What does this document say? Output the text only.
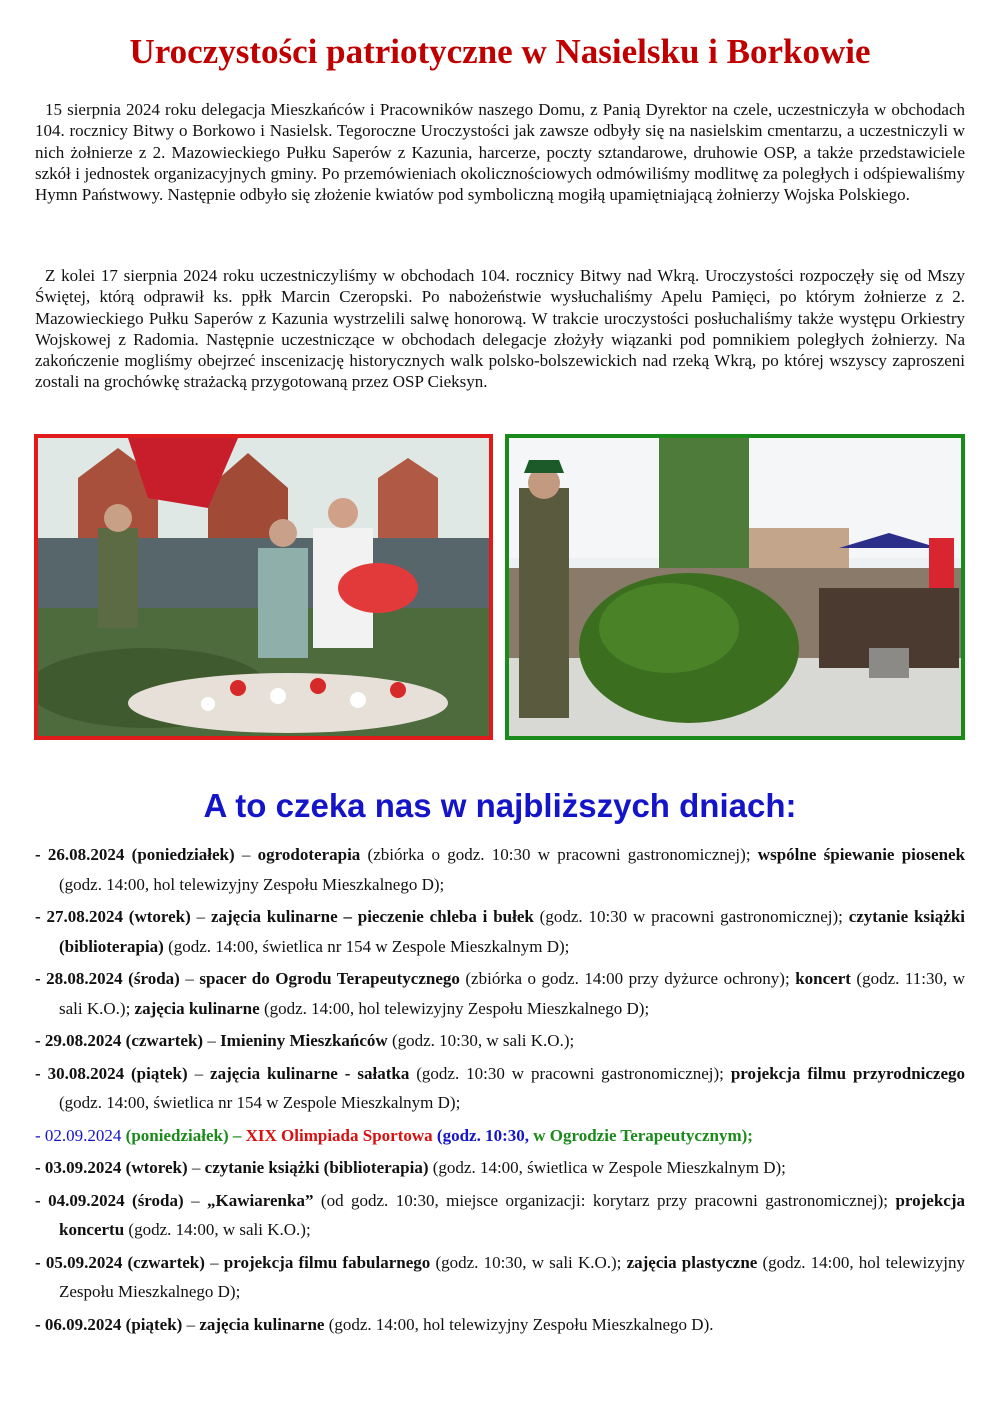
Uroczystości patriotyczne w Nasielsku i Borkowie

15 sierpnia 2024 roku delegacja Mieszkańców i Pracowników naszego Domu, z Panią Dyrektor na czele, uczestniczyła w obchodach 104. rocznicy Bitwy o Borkowo i Nasielsk. Tegoroczne Uroczystości jak zawsze odbyły się na nasielskim cmentarzu, a uczestniczyli w nich żołnierze z 2. Mazowieckiego Pułku Saperów z Kazunia, harcerze, poczty sztandarowe, druhowie OSP, a także przedstawiciele szkół i jednostek organizacyjnych gminy. Po przemówieniach okolicznościowych odmówiliśmy modlitwę za poległych i odśpiewaliśmy Hymn Państwowy. Następnie odbyło się złożenie kwiatów pod symboliczną mogiłą upamiętniającą żołnierzy Wojska Polskiego.

Z kolei 17 sierpnia 2024 roku uczestniczyliśmy w obchodach 104. rocznicy Bitwy nad Wkrą. Uroczystości rozpoczęły się od Mszy Świętej, którą odprawił ks. ppłk Marcin Czeropski. Po nabożeństwie wysłuchaliśmy Apelu Pamięci, po którym żołnierze z 2. Mazowieckiego Pułku Saperów z Kazunia wystrzelili salwę honorową. W trakcie uroczystości posłuchaliśmy także występu Orkiestry Wojskowej z Radomia. Następnie uczestniczące w obchodach delegacje złożyły wiązanki pod pomnikiem poległych żołnierzy. Na zakończenie mogliśmy obejrzeć inscenizację historycznych walk polsko-bolszewickich nad rzeką Wkrą, po której wszyscy zaproszeni zostali na grochówkę strażacką przygotowaną przez OSP Cieksyn.

A to czeka nas w najbliższych dniach:
- 26.08.2024 (poniedziałek) – ogrodoterapia (zbiórka o godz. 10:30 w pracowni gastronomicznej); wspólne śpiewanie piosenek (godz. 14:00, hol telewizyjny Zespołu Mieszkalnego D);
- 27.08.2024 (wtorek) – zajęcia kulinarne – pieczenie chleba i bułek (godz. 10:30 w pracowni gastronomicznej); czytanie książki (biblioterapia) (godz. 14:00, świetlica nr 154 w Zespole Mieszkalnym D);
- 28.08.2024 (środa) – spacer do Ogrodu Terapeutycznego (zbiórka o godz. 14:00 przy dyżurce ochrony); koncert (godz. 11:30, w sali K.O.); zajęcia kulinarne (godz. 14:00, hol telewizyjny Zespołu Mieszkalnego D);
- 29.08.2024 (czwartek) – Imieniny Mieszkańców (godz. 10:30, w sali K.O.);
- 30.08.2024 (piątek) – zajęcia kulinarne - sałatka (godz. 10:30 w pracowni gastronomicznej); projekcja filmu przyrodniczego (godz. 14:00, świetlica nr 154 w Zespole Mieszkalnym D);
- 02.09.2024 (poniedziałek) – XIX Olimpiada Sportowa (godz. 10:30, w Ogrodzie Terapeutycznym);
- 03.09.2024 (wtorek) – czytanie książki (biblioterapia) (godz. 14:00, świetlica w Zespole Mieszkalnym D);
- 04.09.2024 (środa) – „Kawiarenka” (od godz. 10:30, miejsce organizacji: korytarz przy pracowni gastronomicznej); projekcja koncertu (godz. 14:00, w sali K.O.);
- 05.09.2024 (czwartek) – projekcja filmu fabularnego (godz. 10:30, w sali K.O.); zajęcia plastyczne (godz. 14:00, hol telewizyjny Zespołu Mieszkalnego D);
- 06.09.2024 (piątek) – zajęcia kulinarne (godz. 14:00, hol telewizyjny Zespołu Mieszkalnego D).
